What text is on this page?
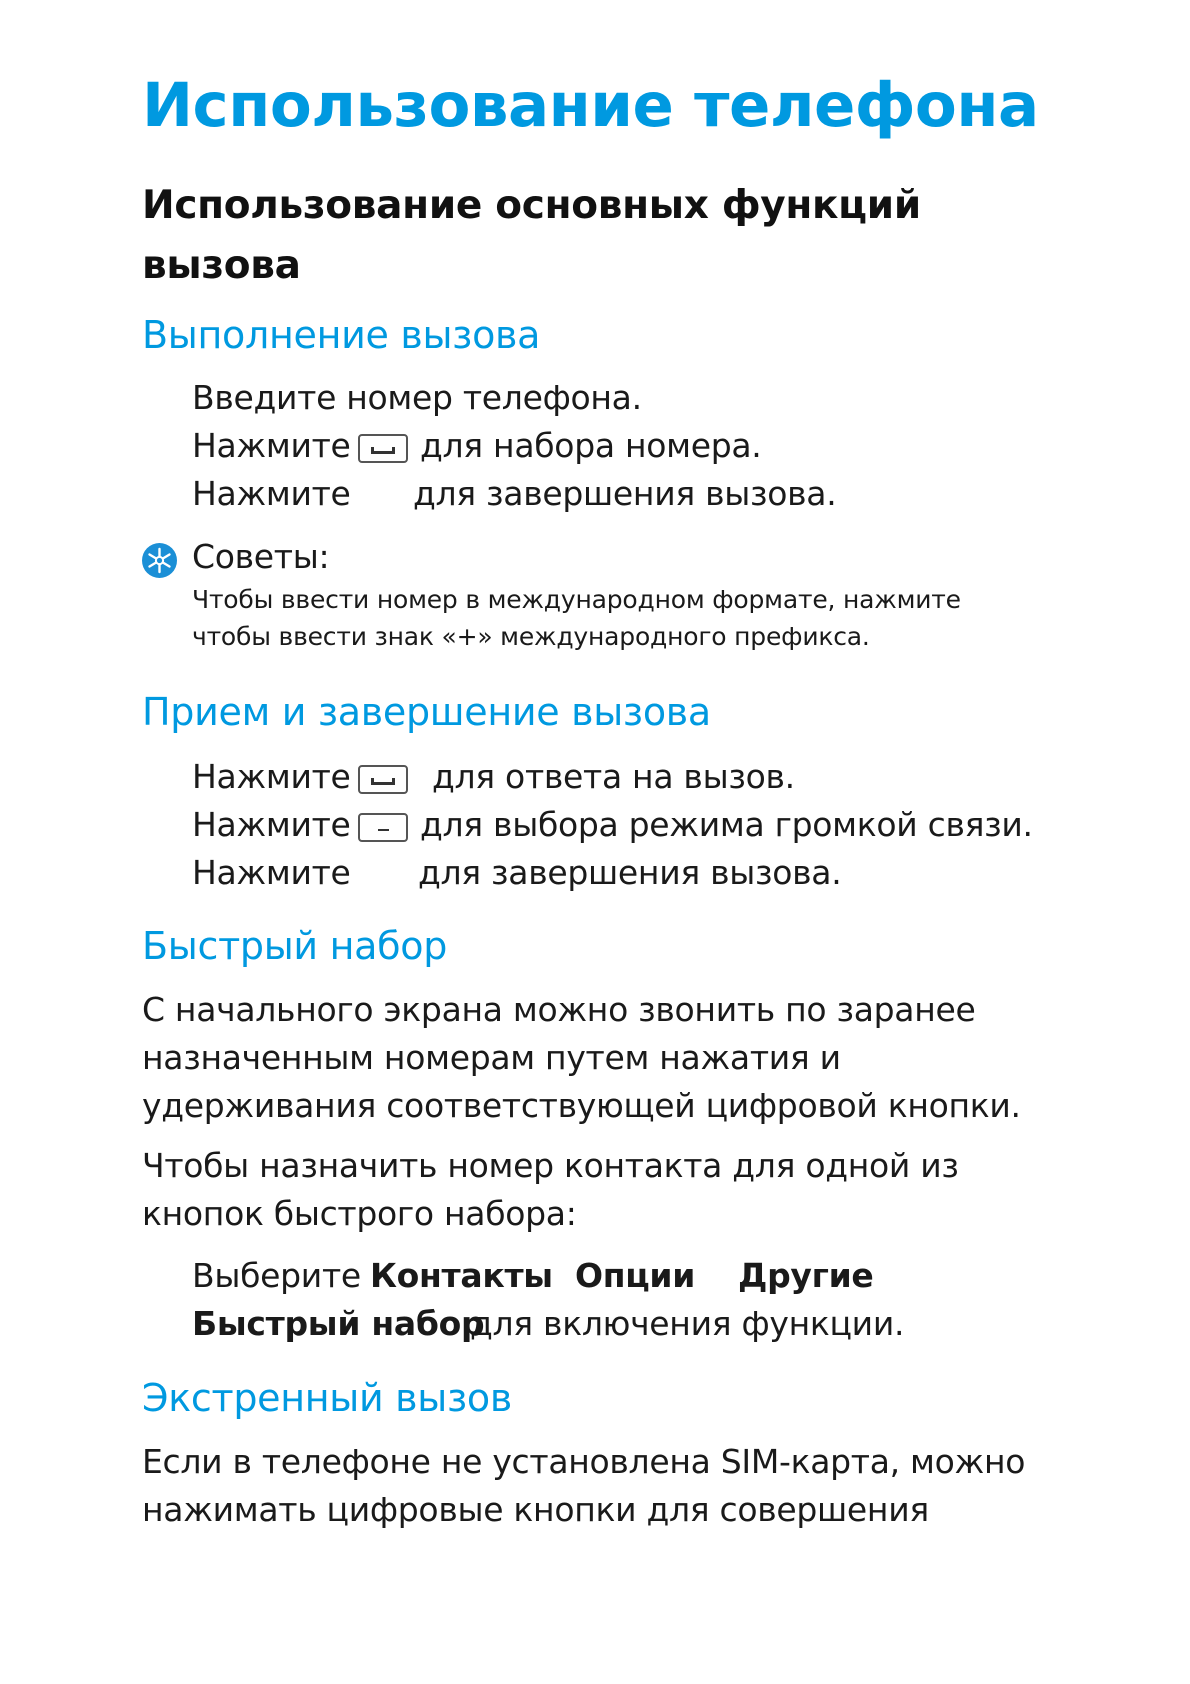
Использование телефона
Использование основных функций
вызова
Выполнение вызова
Введите номер телефона.
Нажмите для набора номера.
Нажмите для завершения вызова.
Советы:
Чтобы ввести номер в международном формате, нажмите
чтобы ввести знак «+» международного префикса.
Прием и завершение вызова
Нажмите для ответа на вызов.
Нажмите для выбора режима громкой связи.
Нажмите для завершения вызова.
Быстрый набор
С начального экрана можно звонить по заранее
назначенным номерам путем нажатия и
удерживания соответствующей цифровой кнопки.
Чтобы назначить номер контакта для одной из
кнопок быстрого набора:
Выберите Контакты Опции Другие
Быстрый набор
для включения функции.
Экстренный вызов
Если в телефоне не установлена SIM-карта, можно
нажимать цифровые кнопки для совершения
